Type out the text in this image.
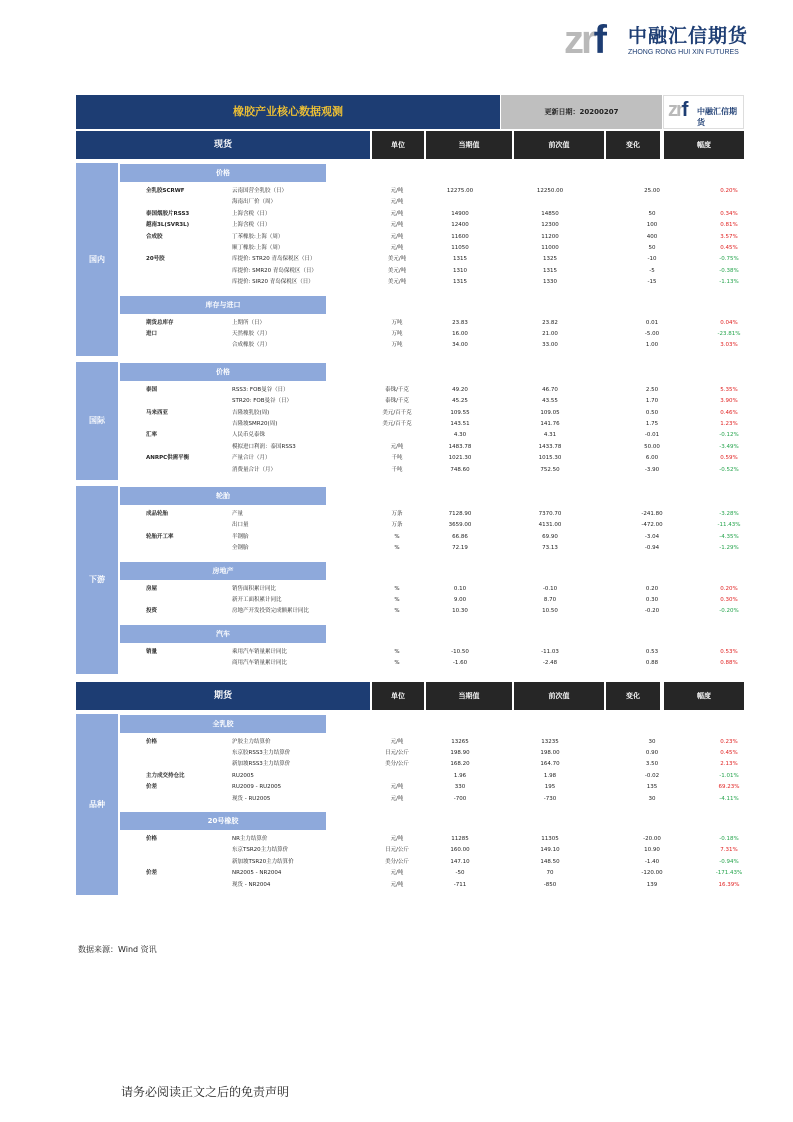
zrf 中融汇信期货
ZHONG RONG HUI XIN FUTURES
橡胶产业核心数据观测	更新日期：20200207	zrf 中融汇信期货
现货	单位	当期值	前次值	变化	幅度
国内
价格
全乳胶SCRWF	云南国营全乳胶（日）	元/吨	12275.00	12250.00	25.00	0.20%
海南出厂价（周）	元/吨
泰国烟胶片RSS3	上海含税（日）	元/吨	14900	14850	50	0.34%
越南3L(SVR3L)	上海含税（日）	元/吨	12400	12300	100	0.81%
合成胶	丁苯橡胶:上海（周）	元/吨	11600	11200	400	3.57%
顺丁橡胶:上海（周）	元/吨	11050	11000	50	0.45%
20号胶	库提价: STR20 青岛保税区（日）	美元/吨	1315	1325	-10	-0.75%
库提价: SMR20 青岛保税区（日）	美元/吨	1310	1315	-5	-0.38%
库提价: SIR20 青岛保税区（日）	美元/吨	1315	1330	-15	-1.13%
库存与进口
期货总库存	上期所（日）	万吨	23.83	23.82	0.01	0.04%
进口	天然橡胶（月）	万吨	16.00	21.00	-5.00	-23.81%
合成橡胶（月）	万吨	34.00	33.00	1.00	3.03%
国际
价格
泰国	RSS3: FOB曼谷（日）	泰铢/千克	49.20	46.70	2.50	5.35%
STR20: FOB曼谷（日）	泰铢/千克	45.25	43.55	1.70	3.90%
马来西亚	吉隆坡乳胶(周)	美元/百千克	109.55	109.05	0.50	0.46%
吉隆坡SMR20(周)	美元/百千克	143.51	141.76	1.75	1.23%
汇率	人民币兑泰铢	4.30	4.31	-0.01	-0.12%
模拟进口利润：泰国RSS3	元/吨	1483.78	1433.78	50.00	-3.49%
ANRPC供需平衡	产量合计（月）	千吨	1021.30	1015.30	6.00	0.59%
消费量合计（月）	千吨	748.60	752.50	-3.90	-0.52%
下游
轮胎
成品轮胎	产量	万条	7128.90	7370.70	-241.80	-3.28%
出口量	万条	3659.00	4131.00	-472.00	-11.43%
轮胎开工率	半钢胎	%	66.86	69.90	-3.04	-4.35%
全钢胎	%	72.19	73.13	-0.94	-1.29%
房地产
房屋	销售面积累计同比	%	0.10	-0.10	0.20	0.20%
新开工面积累计同比	%	9.00	8.70	0.30	0.30%
投资	房地产开发投资完成额累计同比	%	10.30	10.50	-0.20	-0.20%
汽车
销量	乘用汽车销量累计同比	%	-10.50	-11.03	0.53	0.53%
商用汽车销量累计同比	%	-1.60	-2.48	0.88	0.88%
期货	单位	当期值	前次值	变化	幅度
品种
全乳胶
价格	沪胶主力结算价	元/吨	13265	13235	30	0.23%
东京胶RSS3主力结算价	日元/公斤	198.90	198.00	0.90	0.45%
新加坡RSS3主力结算价	美分/公斤	168.20	164.70	3.50	2.13%
主力成交持仓比	RU2005	1.96	1.98	-0.02	-1.01%
价差	RU2009 - RU2005	元/吨	330	195	135	69.23%
现货 - RU2005	元/吨	-700	-730	30	-4.11%
20号橡胶
价格	NR主力结算价	元/吨	11285	11305	-20.00	-0.18%
东京TSR20主力结算价	日元/公斤	160.00	149.10	10.90	7.31%
新加坡TSR20主力结算价	美分/公斤	147.10	148.50	-1.40	-0.94%
价差	NR2005 - NR2004	元/吨	-50	70	-120.00	-171.43%
现货 - NR2004	元/吨	-711	-850	139	16.39%
数据来源：Wind 资讯
请务必阅读正文之后的免责声明
